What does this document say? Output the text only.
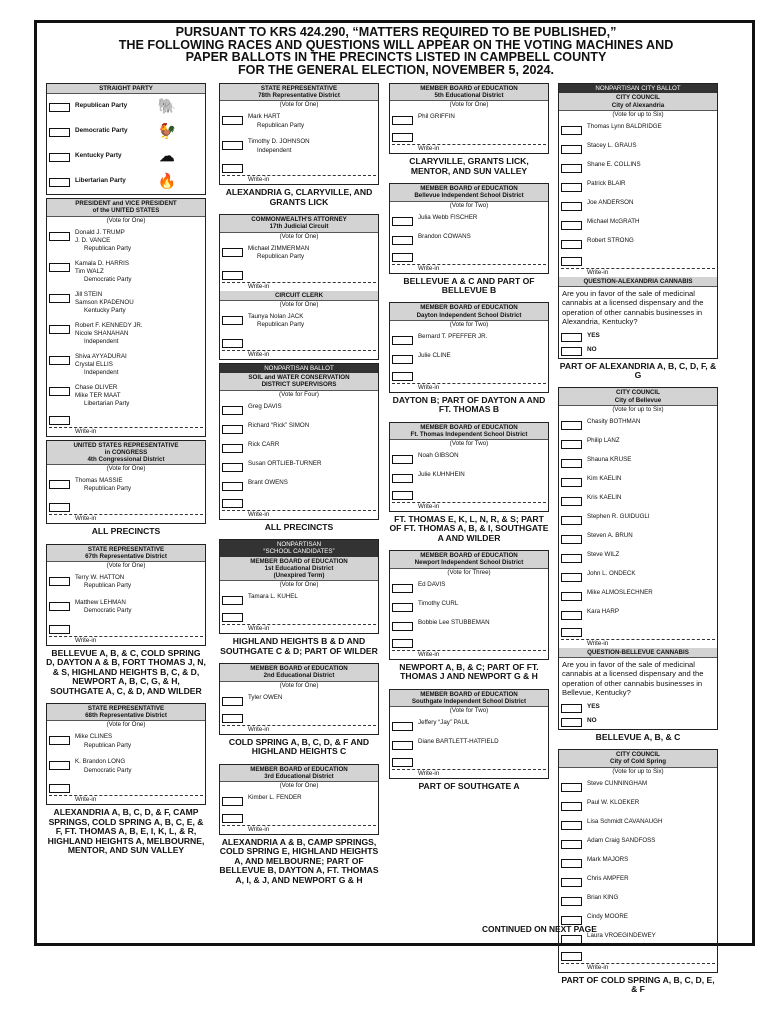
PURSUANT TO KRS 424.290, “MATTERS REQUIRED TO BE PUBLISHED,”
THE FOLLOWING RACES AND QUESTIONS WILL APPEAR ON THE VOTING MACHINES AND
PAPER BALLOTS IN THE PRECINCTS LISTED IN CAMPBELL COUNTY
FOR THE GENERAL ELECTION, NOVEMBER 5, 2024.
STRAIGHT PARTY
Republican Party 🐘
Democratic Party 🐓
Kentucky Party	☁
Libertarian Party 🔥
PRESIDENT and VICE PRESIDENT
of the UNITED STATES
(Vote for One)
Donald J. TRUMP
J. D. VANCE
Republican Party
Kamala D. HARRIS
Tim WALZ
Democratic Party
Jill STEIN
Samson KPADENOU
Kentucky Party
Robert F. KENNEDY JR.
Nicole SHANAHAN
Independent
Shiva AYYADURAI
Crystal ELLIS
Independent
Chase OLIVER
Mike TER MAAT
Libertarian Party
Write-in
UNITED STATES REPRESENTATIVE
in CONGRESS
4th Congressional District
(Vote for One)
Thomas MASSIE
Republican Party
Write-in
ALL PRECINCTS
STATE REPRESENTATIVE
67th Representative District
(Vote for One)
Terry W. HATTON
Republican Party
Matthew LEHMAN
Democratic Party
Write-in
BELLEVUE A, B, & C, COLD SPRING D, DAYTON A & B, FORT THOMAS J, N, & S, HIGHLAND HEIGHTS B, C, & D, NEWPORT A, B, C, G, & H, SOUTHGATE A, C, & D, AND WILDER
STATE REPRESENTATIVE
68th Representative District
(Vote for One)
Mike CLINES
Republican Party
K. Brandon LONG
Democratic Party
Write-in
ALEXANDRIA A, B, C, D, & F, CAMP SPRINGS, COLD SPRING A, B, C, E, & F, FT. THOMAS A, B, E, I, K, L, & R, HIGHLAND HEIGHTS A, MELBOURNE, MENTOR, AND SUN VALLEY
STATE REPRESENTATIVE
78th Representative District
(Vote for One)
Mark HART
Republican Party
Timothy D. JOHNSON
Independent
Write-in
ALEXANDRIA G, CLARYVILLE, AND GRANTS LICK
COMMONWEALTH'S ATTORNEY
17th Judicial Circuit
(Vote for One)
Michael ZIMMERMAN
Republican Party
Write-in
CIRCUIT CLERK
(Vote for One)
Taunya Nolan JACK
Republican Party
Write-in
NONPARTISAN BALLOT
SOIL and WATER CONSERVATION
DISTRICT SUPERVISORS
(Vote for Four)
Greg DAVIS
Richard “Rick” SIMON
Rick CARR
Susan ORTLIEB-TURNER
Brant OWENS
Write-in
ALL PRECINCTS
NONPARTISAN
“SCHOOL CANDIDATES”
MEMBER BOARD of EDUCATION
1st Educational District
(Unexpired Term)
(Vote for One)
Tamara L. KUHEL
Write-in
HIGHLAND HEIGHTS B & D AND SOUTHGATE C & D; PART OF WILDER
MEMBER BOARD of EDUCATION
2nd Educational District
(Vote for One)
Tyler OWEN
Write-in
COLD SPRING A, B, C, D, & F AND HIGHLAND HEIGHTS C
MEMBER BOARD of EDUCATION
3rd Educational District
(Vote for One)
Kimber L. FENDER
Write-in
ALEXANDRIA A & B, CAMP SPRINGS, COLD SPRING E, HIGHLAND HEIGHTS A, AND MELBOURNE; PART OF BELLEVUE B, DAYTON A, FT. THOMAS A, I, & J, AND NEWPORT G & H
MEMBER BOARD of EDUCATION
5th Educational District
(Vote for One)
Phil GRIFFIN
Write-in
CLARYVILLE, GRANTS LICK, MENTOR, AND SUN VALLEY
MEMBER BOARD of EDUCATION
Bellevue Independent School District
(Vote for Two)
Julia Webb FISCHER
Brandon COWANS
Write-in
BELLEVUE A & C AND PART OF BELLEVUE B
MEMBER BOARD of EDUCATION
Dayton Independent School District
(Vote for Two)
Bernard T. PFEFFER JR.
Julie CLINE
Write-in
DAYTON B; PART OF DAYTON A AND FT. THOMAS B
MEMBER BOARD of EDUCATION
Ft. Thomas Independent School District
(Vote for Two)
Noah GIBSON
Julie KUHNHEIN
Write-in
FT. THOMAS E, K, L, N, R, & S; PART OF FT. THOMAS A, B, & I, SOUTHGATE A AND WILDER
MEMBER BOARD of EDUCATION
Newport Independent School District
(Vote for Three)
Ed DAVIS
Timothy CURL
Bobbie Lee STUBBEMAN
Write-in
NEWPORT A, B, & C; PART OF FT. THOMAS J AND NEWPORT G & H
MEMBER BOARD of EDUCATION
Southgate Independent School District
(Vote for Two)
Jeffery “Jay” PAUL
Diane BARTLETT-HATFIELD
Write-in
PART OF SOUTHGATE A
NONPARTISAN CITY BALLOT
CITY COUNCIL
City of Alexandria
(Vote for up to Six)
Thomas Lynn BALDRIDGE
Stacey L. GRAUS
Shane E. COLLINS
Patrick BLAIR
Joe ANDERSON
Michael McGRATH
Robert STRONG
Write-in
QUESTION-ALEXANDRIA CANNABIS
Are you in favor of the sale of medicinal cannabis at a licensed dispensary and the operation of other cannabis businesses in Alexandria, Kentucky?
YES
NO
PART OF ALEXANDRIA A, B, C, D, F, & G
CITY COUNCIL
City of Bellevue
(Vote for up to Six)
Chasity BOTHMAN
Philip LANZ
Shauna KRUSE
Kim KAELIN
Kris KAELIN
Stephen R. GUIDUGLI
Steven A. BRUN
Steve WILZ
John L. ONDECK
Mike ALMOSLECHNER
Kara HARP
Write-in
QUESTION-BELLEVUE CANNABIS
Are you in favor of the sale of medicinal cannabis at a licensed dispensary and the operation of other cannabis businesses in Bellevue, Kentucky?
YES
NO
BELLEVUE A, B, & C
CITY COUNCIL
City of Cold Spring
(Vote for up to Six)
Steve CUNNINGHAM
Paul W. KLOEKER
Lisa Schmidt CAVANAUGH
Adam Craig SANDFOSS
Mark MAJORS
Chris AMPFER
Brian KING
Cindy MOORE
Laura VROEGINDEWEY
Write-in
PART OF COLD SPRING A, B, C, D, E, & F
CONTINUED ON NEXT PAGE
